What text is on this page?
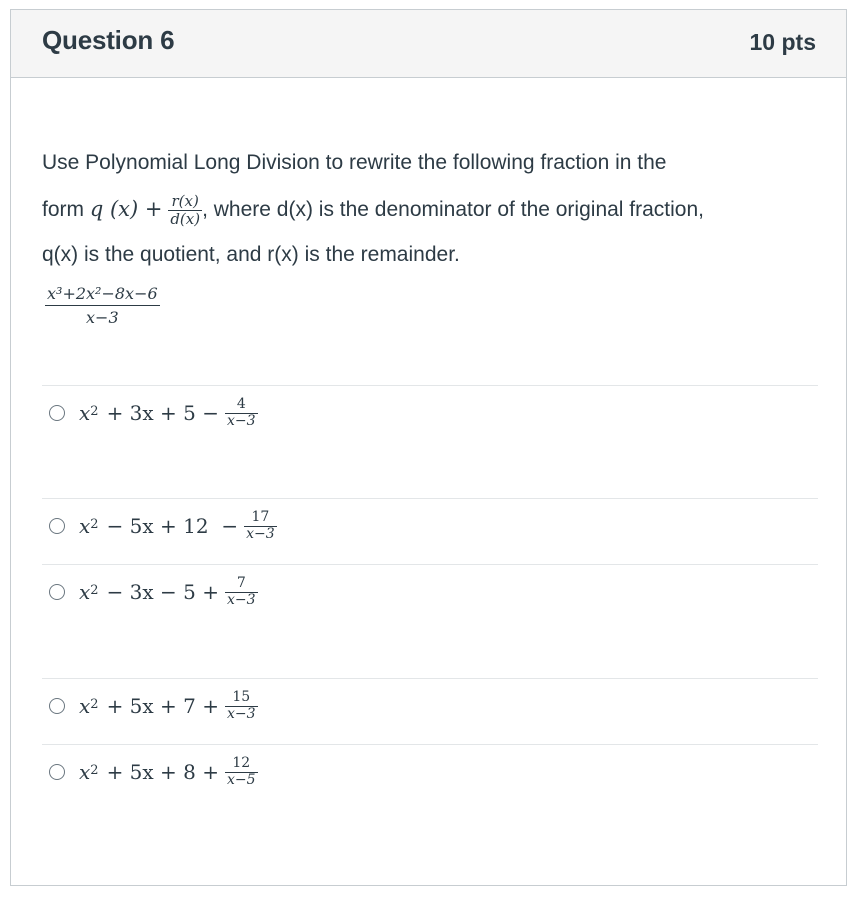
Question 6	10 pts
Use Polynomial Long Division to rewrite the following fraction in the
form q $(x) + \frac{r(x)}{d(x)}$ , where d(x) is the denominator of the original fraction,
q(x) is the quotient, and r(x) is the remainder.
$\frac{\text{x³+2x²−8x−6}}{x-3}$
$x^2 + 3x + 5 - \frac{4}{x-3}$
$x^2 - 5x + 12 - \frac{17}{x-3}$
$x^2 - 3x - 5 + \frac{7}{x-3}$
$x^2 + 5x + 7 + \frac{15}{x-3}$
$x^2 + 5x + 8 + \frac{12}{x-5}$
